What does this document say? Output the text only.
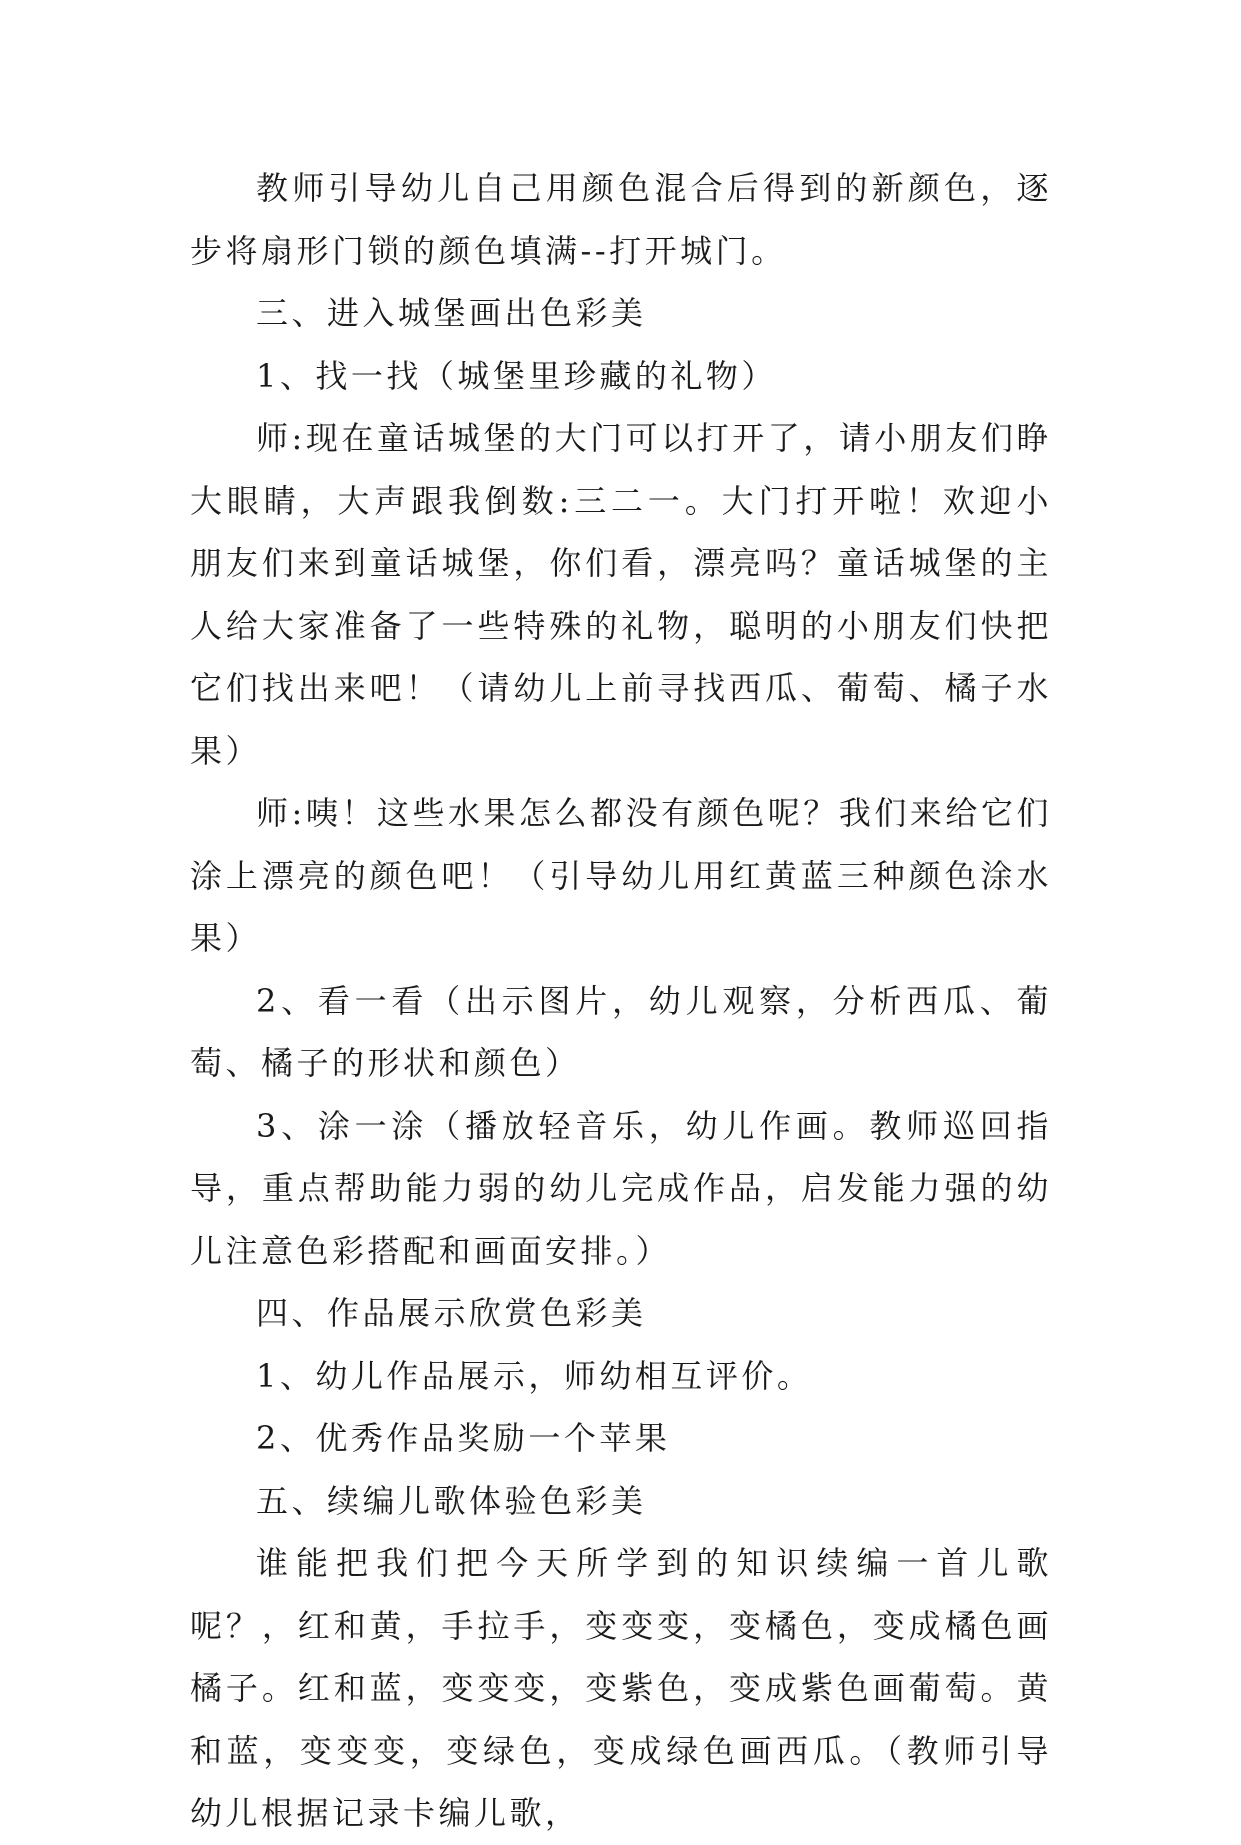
教师引导幼儿自己用颜色混合后得到的新颜色，逐步将扇形门锁的颜色填满--打开城门。

三、进入城堡画出色彩美

1、找一找（城堡里珍藏的礼物）

师:现在童话城堡的大门可以打开了，请小朋友们睁大眼睛，大声跟我倒数:三二一。大门打开啦！欢迎小朋友们来到童话城堡，你们看，漂亮吗？童话城堡的主人给大家准备了一些特殊的礼物，聪明的小朋友们快把它们找出来吧！（请幼儿上前寻找西瓜、葡萄、橘子水果）

师:咦！这些水果怎么都没有颜色呢？我们来给它们涂上漂亮的颜色吧！（引导幼儿用红黄蓝三种颜色涂水果）

2、看一看（出示图片，幼儿观察，分析西瓜、葡萄、橘子的形状和颜色）

3、涂一涂（播放轻音乐，幼儿作画。教师巡回指导，重点帮助能力弱的幼儿完成作品，启发能力强的幼儿注意色彩搭配和画面安排。）

四、作品展示欣赏色彩美

1、幼儿作品展示，师幼相互评价。

2、优秀作品奖励一个苹果

五、续编儿歌体验色彩美

谁能把我们把今天所学到的知识续编一首儿歌呢？，红和黄，手拉手，变变变，变橘色，变成橘色画橘子。红和蓝，变变变，变紫色，变成紫色画葡萄。黄和蓝，变变变，变绿色，变成绿色画西瓜。（教师引导幼儿根据记录卡编儿歌，
